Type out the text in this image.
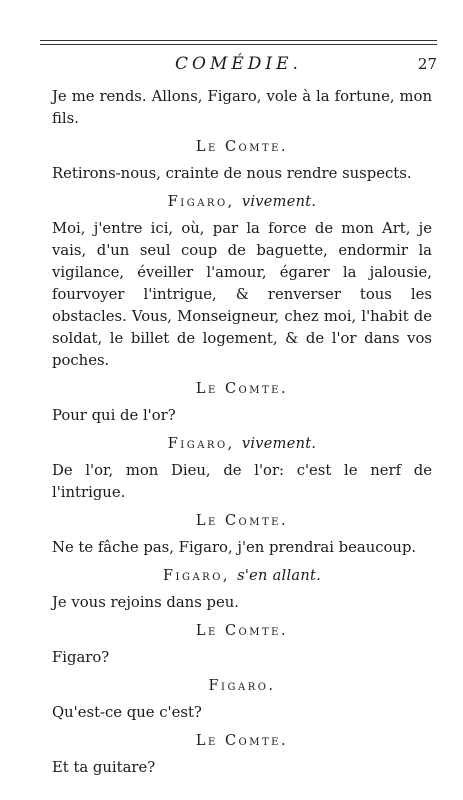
COMÉDIE.	27

Je me rends. Allons, Figaro, vole à la fortune, mon fils.

Le Comte.

Retirons-nous, crainte de nous rendre suspects.

Figaro, vivement.

Moi, j'entre ici, où, par la force de mon Art, je vais, d'un seul coup de baguette, endormir la vigilance, éveiller l'amour, égarer la jalousie, fourvoyer l'intrigue, & renverser tous les obstacles. Vous, Monseigneur, chez moi, l'habit de soldat, le billet de logement, & de l'or dans vos poches.

Le Comte.

Pour qui de l'or?

Figaro, vivement.

De l'or, mon Dieu, de l'or: c'est le nerf de l'intrigue.

Le Comte.

Ne te fâche pas, Figaro, j'en prendrai beaucoup.

Figaro, s'en allant.

Je vous rejoins dans peu.

Le Comte.

Figaro?

Figaro.

Qu'est-ce que c'est?

Le Comte.

Et ta guitare?
